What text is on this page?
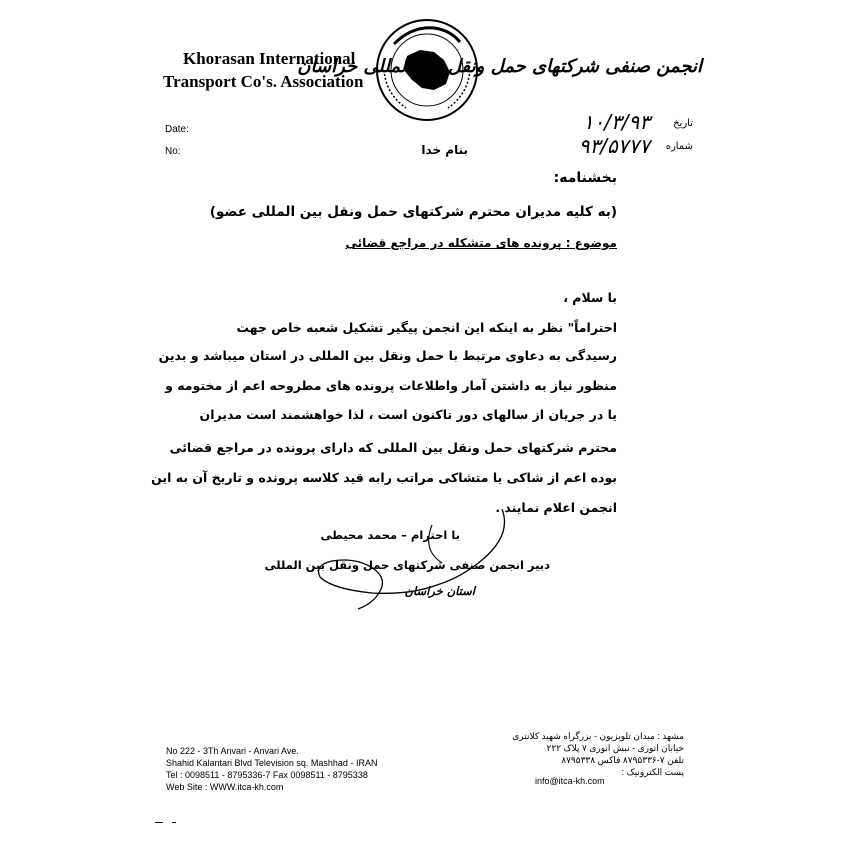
Khorasan International
Transport Co's. Association
انجمن صنفی شرکتهای حمل ونقل بین المللی خراسان
Date:
No:
تاریخ
شماره
۱۰/۳/۹۳
۹۳/۵۷۷۷
بنام خدا
بخشنامه:
(به کلیه مدیران محترم شرکتهای حمل ونقل بین المللی عضو)
موضوع : پرونده های متشکله در مراجع قضائی
با سلام ،
احتراماً" نظر به اینکه این انجمن پیگیر تشکیل شعبه خاص جهت
رسیدگی به دعاوی مرتبط با حمل ونقل بین المللی در استان میباشد و بدین
منظور نیاز به داشتن آمار واطلاعات پرونده های مطروحه اعم از مختومه و
یا در جریان از سالهای دور تاکنون است ، لذا خواهشمند است مدیران
محترم شرکتهای حمل ونقل بین المللی که دارای پرونده در مراجع قضائی
بوده اعم از شاکی یا متشاکی مراتب رابه قید کلاسه پرونده و تاریخ آن به این
انجمن اعلام نمایند .
با احترام – محمد محیطی
دبیر انجمن صنفی شرکتهای حمل ونقل بین المللی
استان خراسان
No 222 - 3Th Anvari - Anvari Ave.
Shahid Kalantari Blvd Television sq. Mashhad - IRAN
Tel : 0098511 - 8795336-7 Fax 0098511 - 8795338
Web Site : WWW.itca-kh.com
مشهد : میدان تلویزیون - بزرگراه شهید کلانتری
خیابان انوری - نبش انوری ۷ پلاک ۲۲۲
تلفن ۷-۸۷۹۵۳۳۶ فاکس ۸۷۹۵۳۳۸
پست الکترونیک :
info@itca-kh.com
